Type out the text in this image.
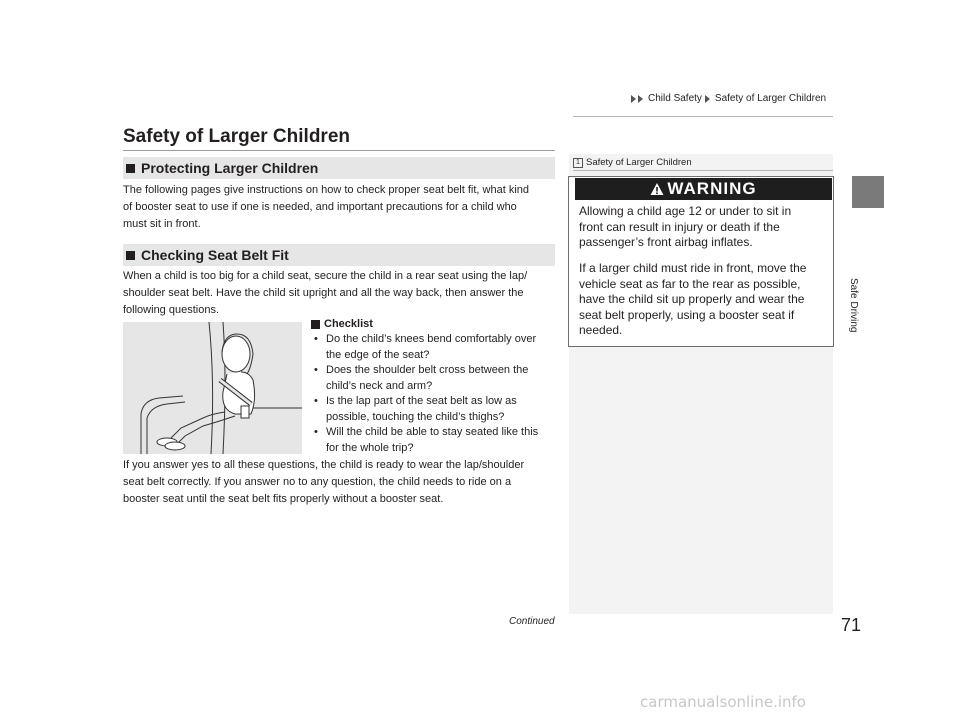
Child Safety Safety of Larger Children
Safe Driving
Safety of Larger Children
Protecting Larger Children
The following pages give instructions on how to check proper seat belt fit, what kind
of booster seat to use if one is needed, and important precautions for a child who
must sit in front.
Checking Seat Belt Fit
When a child is too big for a child seat, secure the child in a rear seat using the lap/
shoulder seat belt. Have the child sit upright and all the way back, then answer the
following questions.
Checklist
• Do the child’s knees bend comfortably over
the edge of the seat?
• Does the shoulder belt cross between the
child’s neck and arm?
• Is the lap part of the seat belt as low as
possible, touching the child’s thighs?
• Will the child be able to stay seated like this
for the whole trip?
If you answer yes to all these questions, the child is ready to wear the lap/shoulder
seat belt correctly. If you answer no to any question, the child needs to ride on a
booster seat until the seat belt fits properly without a booster seat.
1 Safety of Larger Children
WARNING
Allowing a child age 12 or under to sit in
front can result in injury or death if the
passenger’s front airbag inflates.
If a larger child must ride in front, move the
vehicle seat as far to the rear as possible,
have the child sit up properly and wear the
seat belt properly, using a booster seat if
needed.
Continued	71
carmanualsonline.info
